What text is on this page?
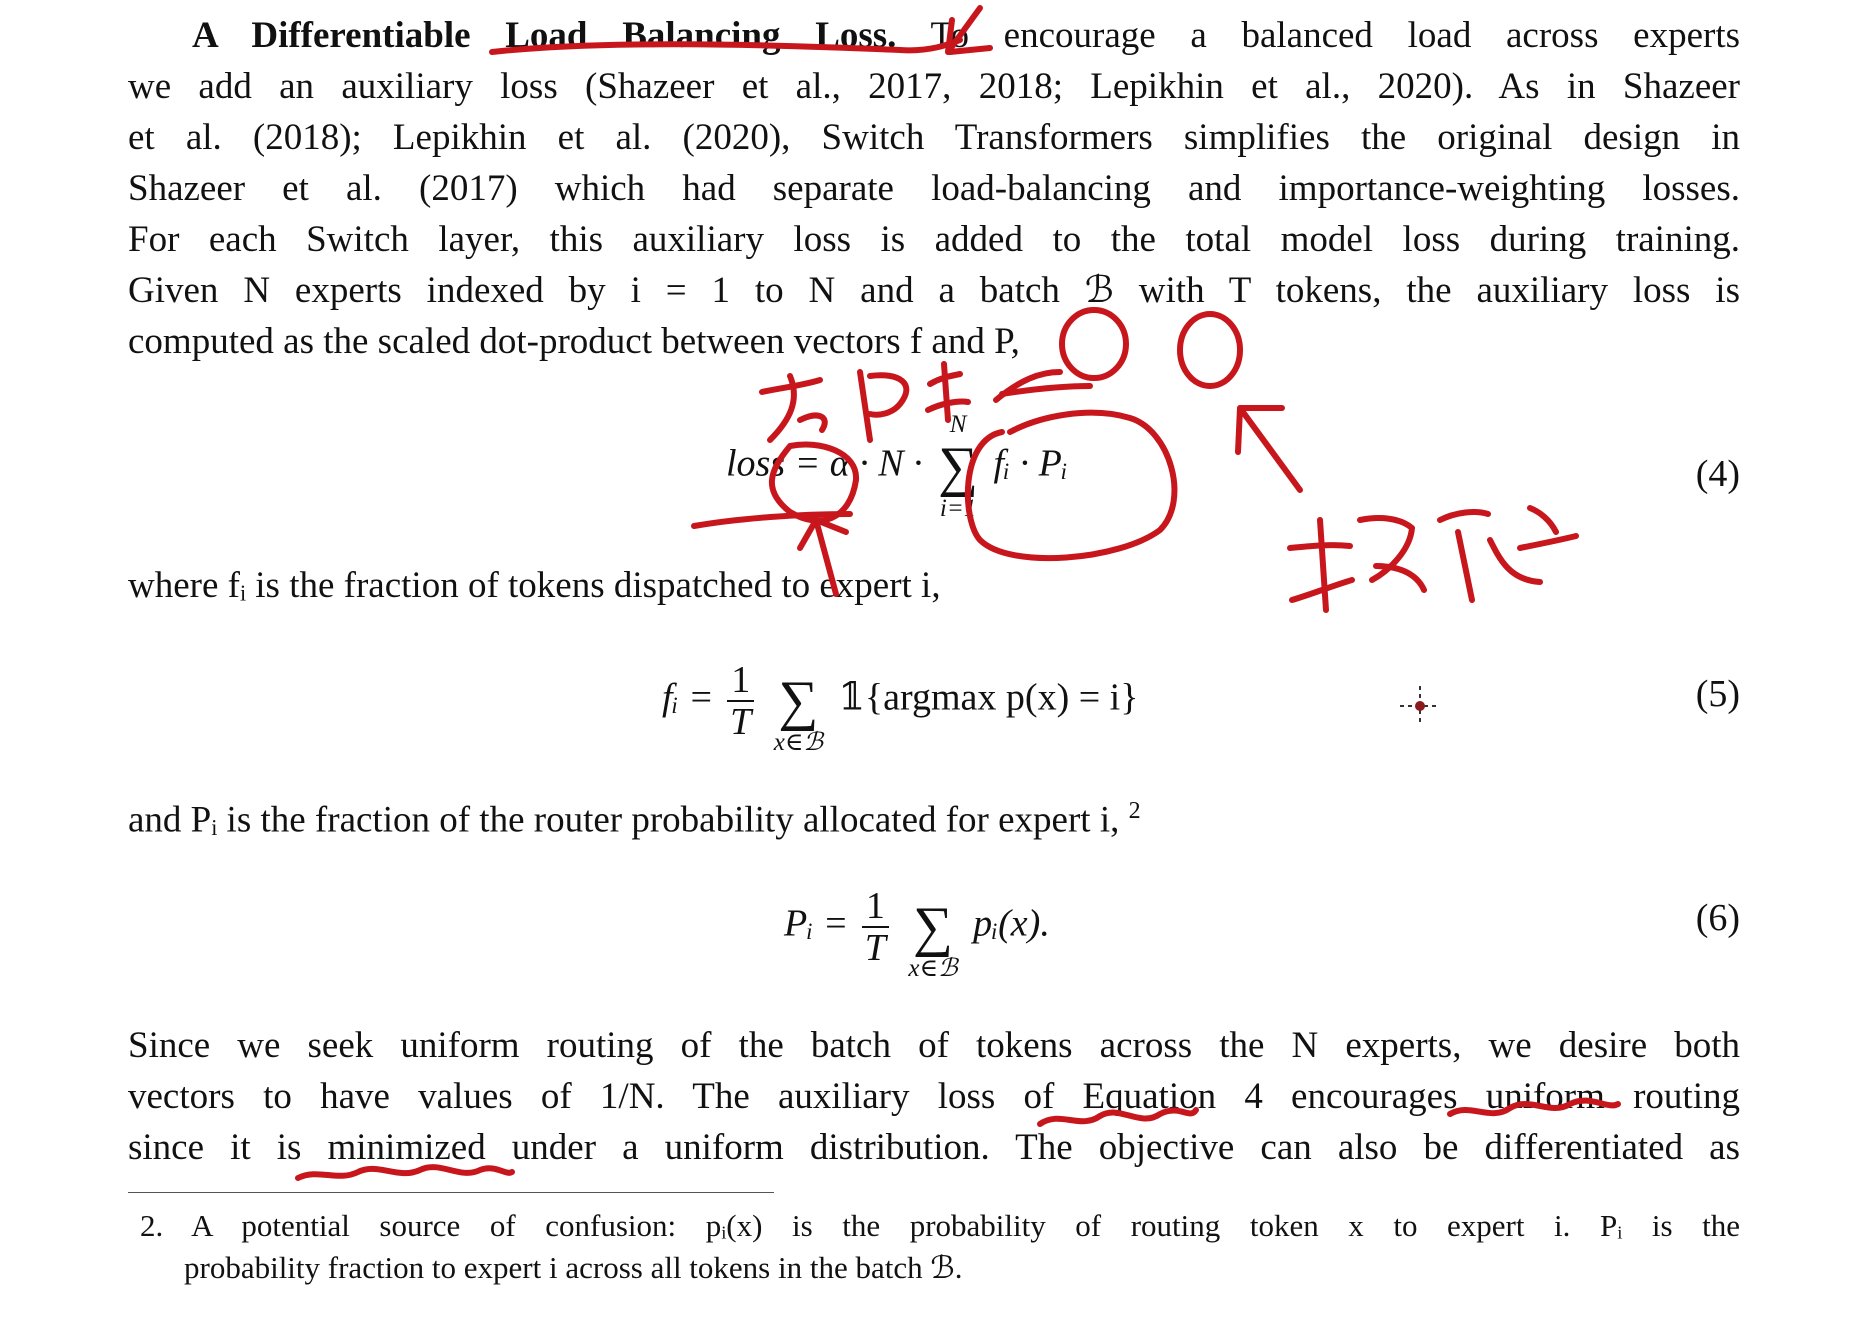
A Differentiable Load Balancing Loss. To encourage a balanced load across experts
we add an auxiliary loss (Shazeer et al., 2017, 2018; Lepikhin et al., 2020). As in Shazeer
et al. (2018); Lepikhin et al. (2020), Switch Transformers simplifies the original design in
Shazeer et al. (2017) which had separate load-balancing and importance-weighting losses.
For each Switch layer, this auxiliary loss is added to the total model loss during training.
Given N experts indexed by i = 1 to N and a batch ℬ with T tokens, the auxiliary loss is
computed as the scaled dot-product between vectors f and P,
loss = α · N ·
N
∑
i=1
fᵢ · Pᵢ	(4)
where fᵢ is the fraction of tokens dispatched to expert i,
fᵢ = $\frac{1}{T}$

∑
x∈ℬ
𝟙{argmax p(x) = i}	(5)
and Pᵢ is the fraction of the router probability allocated for expert i, $^2$
Pᵢ = $\frac{1}{T}$

∑
x∈ℬ
pᵢ(x).	(6)
Since we seek uniform routing of the batch of tokens across the N experts, we desire both
vectors to have values of 1/N. The auxiliary loss of Equation 4 encourages uniform routing
since it is minimized under a uniform distribution. The objective can also be differentiated as
2. A potential source of confusion: pᵢ(x) is the probability of routing token x to expert i. Pᵢ is the
probability fraction to expert i across all tokens in the batch ℬ.
